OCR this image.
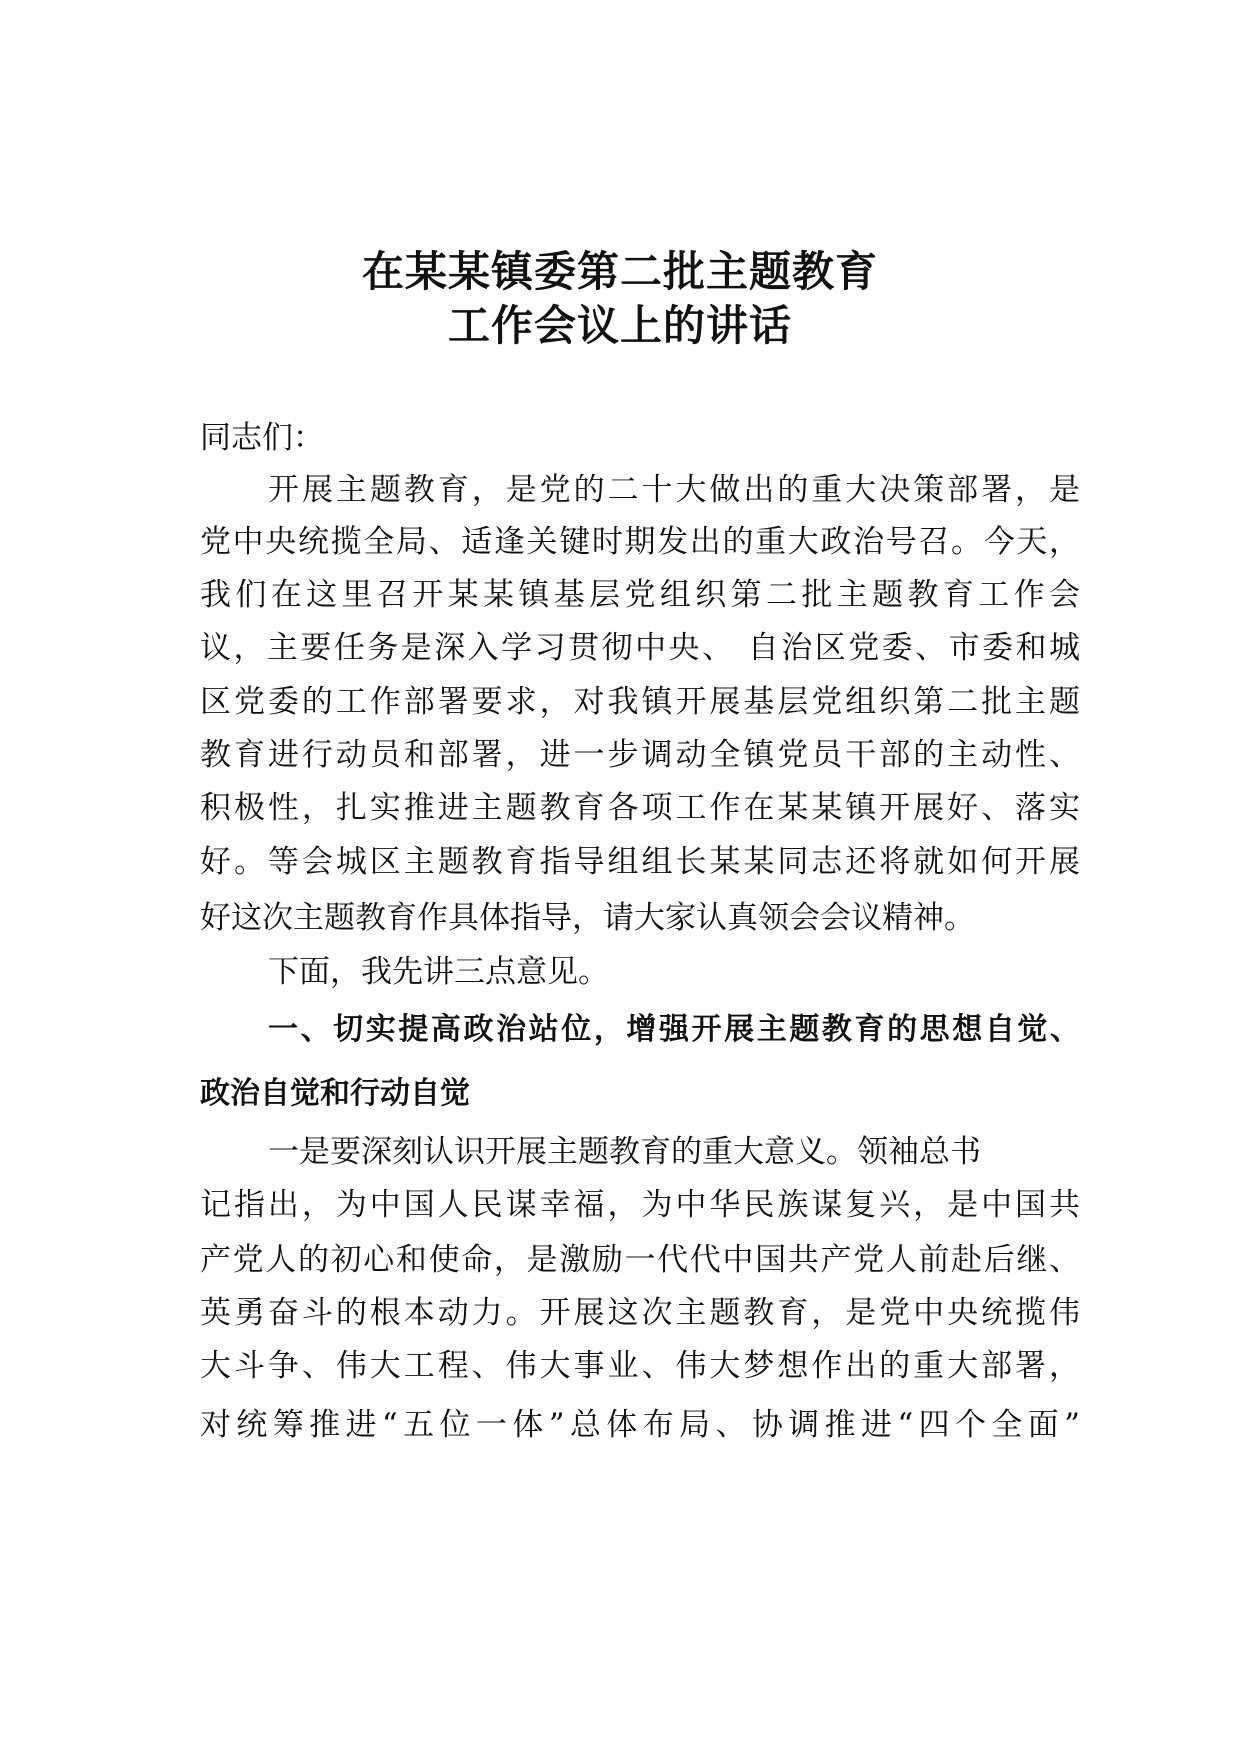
在某某镇委第二批主题教育
工作会议上的讲话
同志们：
开展主题教育，是党的二十大做出的重大决策部署，是
党中央统揽全局、适逢关键时期发出的重大政治号召。今天，
我们在这里召开某某镇基层党组织第二批主题教育工作会
议，主要任务是深入学习贯彻中央、 自治区党委、市委和城
区党委的工作部署要求，对我镇开展基层党组织第二批主题
教育进行动员和部署，进一步调动全镇党员干部的主动性、
积极性，扎实推进主题教育各项工作在某某镇开展好、落实
好。等会城区主题教育指导组组长某某同志还将就如何开展
好这次主题教育作具体指导，请大家认真领会会议精神。
下面，我先讲三点意见。
一、切实提高政治站位，增强开展主题教育的思想自觉、
政治自觉和行动自觉
一是要深刻认识开展主题教育的重大意义。领袖总书
记指出，为中国人民谋幸福，为中华民族谋复兴，是中国共
产党人的初心和使命，是激励一代代中国共产党人前赴后继、
英勇奋斗的根本动力。开展这次主题教育，是党中央统揽伟
大斗争、伟大工程、伟大事业、伟大梦想作出的重大部署，
对统筹推进“五位一体”总体布局、协调推进“四个全面”
